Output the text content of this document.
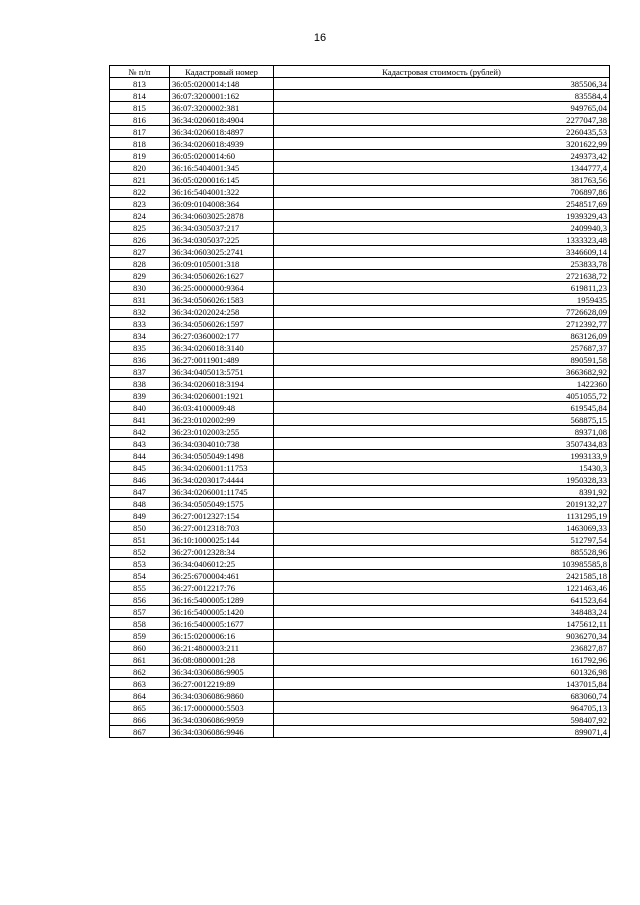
16
№ п/п	Кадастровый номер	Кадастровая стоимость (рублей)
813	36:05:0200014:148	385506,34
814	36:07:3200001:162	835584,4
815	36:07:3200002:381	949765,04
816	36:34:0206018:4904	2277047,38
817	36:34:0206018:4897	2260435,53
818	36:34:0206018:4939	3201622,99
819	36:05:0200014:60	249373,42
820	36:16:5404001:345	1344777,4
821	36:05:0200016:145	381763,56
822	36:16:5404001:322	706897,86
823	36:09:0104008:364	2548517,69
824	36:34:0603025:2878	1939329,43
825	36:34:0305037:217	2409940,3
826	36:34:0305037:225	1333323,48
827	36:34:0603025:2741	3346609,14
828	36:09:0105001:318	253833,78
829	36:34:0506026:1627	2721638,72
830	36:25:0000000:9364	619811,23
831	36:34:0506026:1583	1959435
832	36:34:0202024:258	7726628,09
833	36:34:0506026:1597	2712392,77
834	36:27:0360002:177	863126,09
835	36:34:0206018:3140	257687,37
836	36:27:0011901:489	890591,58
837	36:34:0405013:5751	3663682,92
838	36:34:0206018:3194	1422360
839	36:34:0206001:1921	4051055,72
840	36:03:4100009:48	619545,84
841	36:23:0102002:99	568875,15
842	36:23:0102003:255	89371,08
843	36:34:0304010:738	3507434,83
844	36:34:0505049:1498	1993133,9
845	36:34:0206001:11753	15430,3
846	36:34:0203017:4444	1950328,33
847	36:34:0206001:11745	8391,92
848	36:34:0505049:1575	2019132,27
849	36:27:0012327:154	1131295,19
850	36:27:0012318:703	1463069,33
851	36:10:1000025:144	512797,54
852	36:27:0012328:34	885528,96
853	36:34:0406012:25	103985585,8
854	36:25:6700004:461	2421585,18
855	36:27:0012217:76	1221463,46
856	36:16:5400005:1289	641523,64
857	36:16:5400005:1420	348483,24
858	36:16:5400005:1677	1475612,11
859	36:15:0200006:16	9036270,34
860	36:21:4800003:211	236827,87
861	36:08:0800001:28	161792,96
862	36:34:0306086:9905	601326,98
863	36:27:0012219:89	1437015,84
864	36:34:0306086:9860	683060,74
865	36:17:0000000:5503	964705,13
866	36:34:0306086:9959	598407,92
867	36:34:0306086:9946	899071,4
